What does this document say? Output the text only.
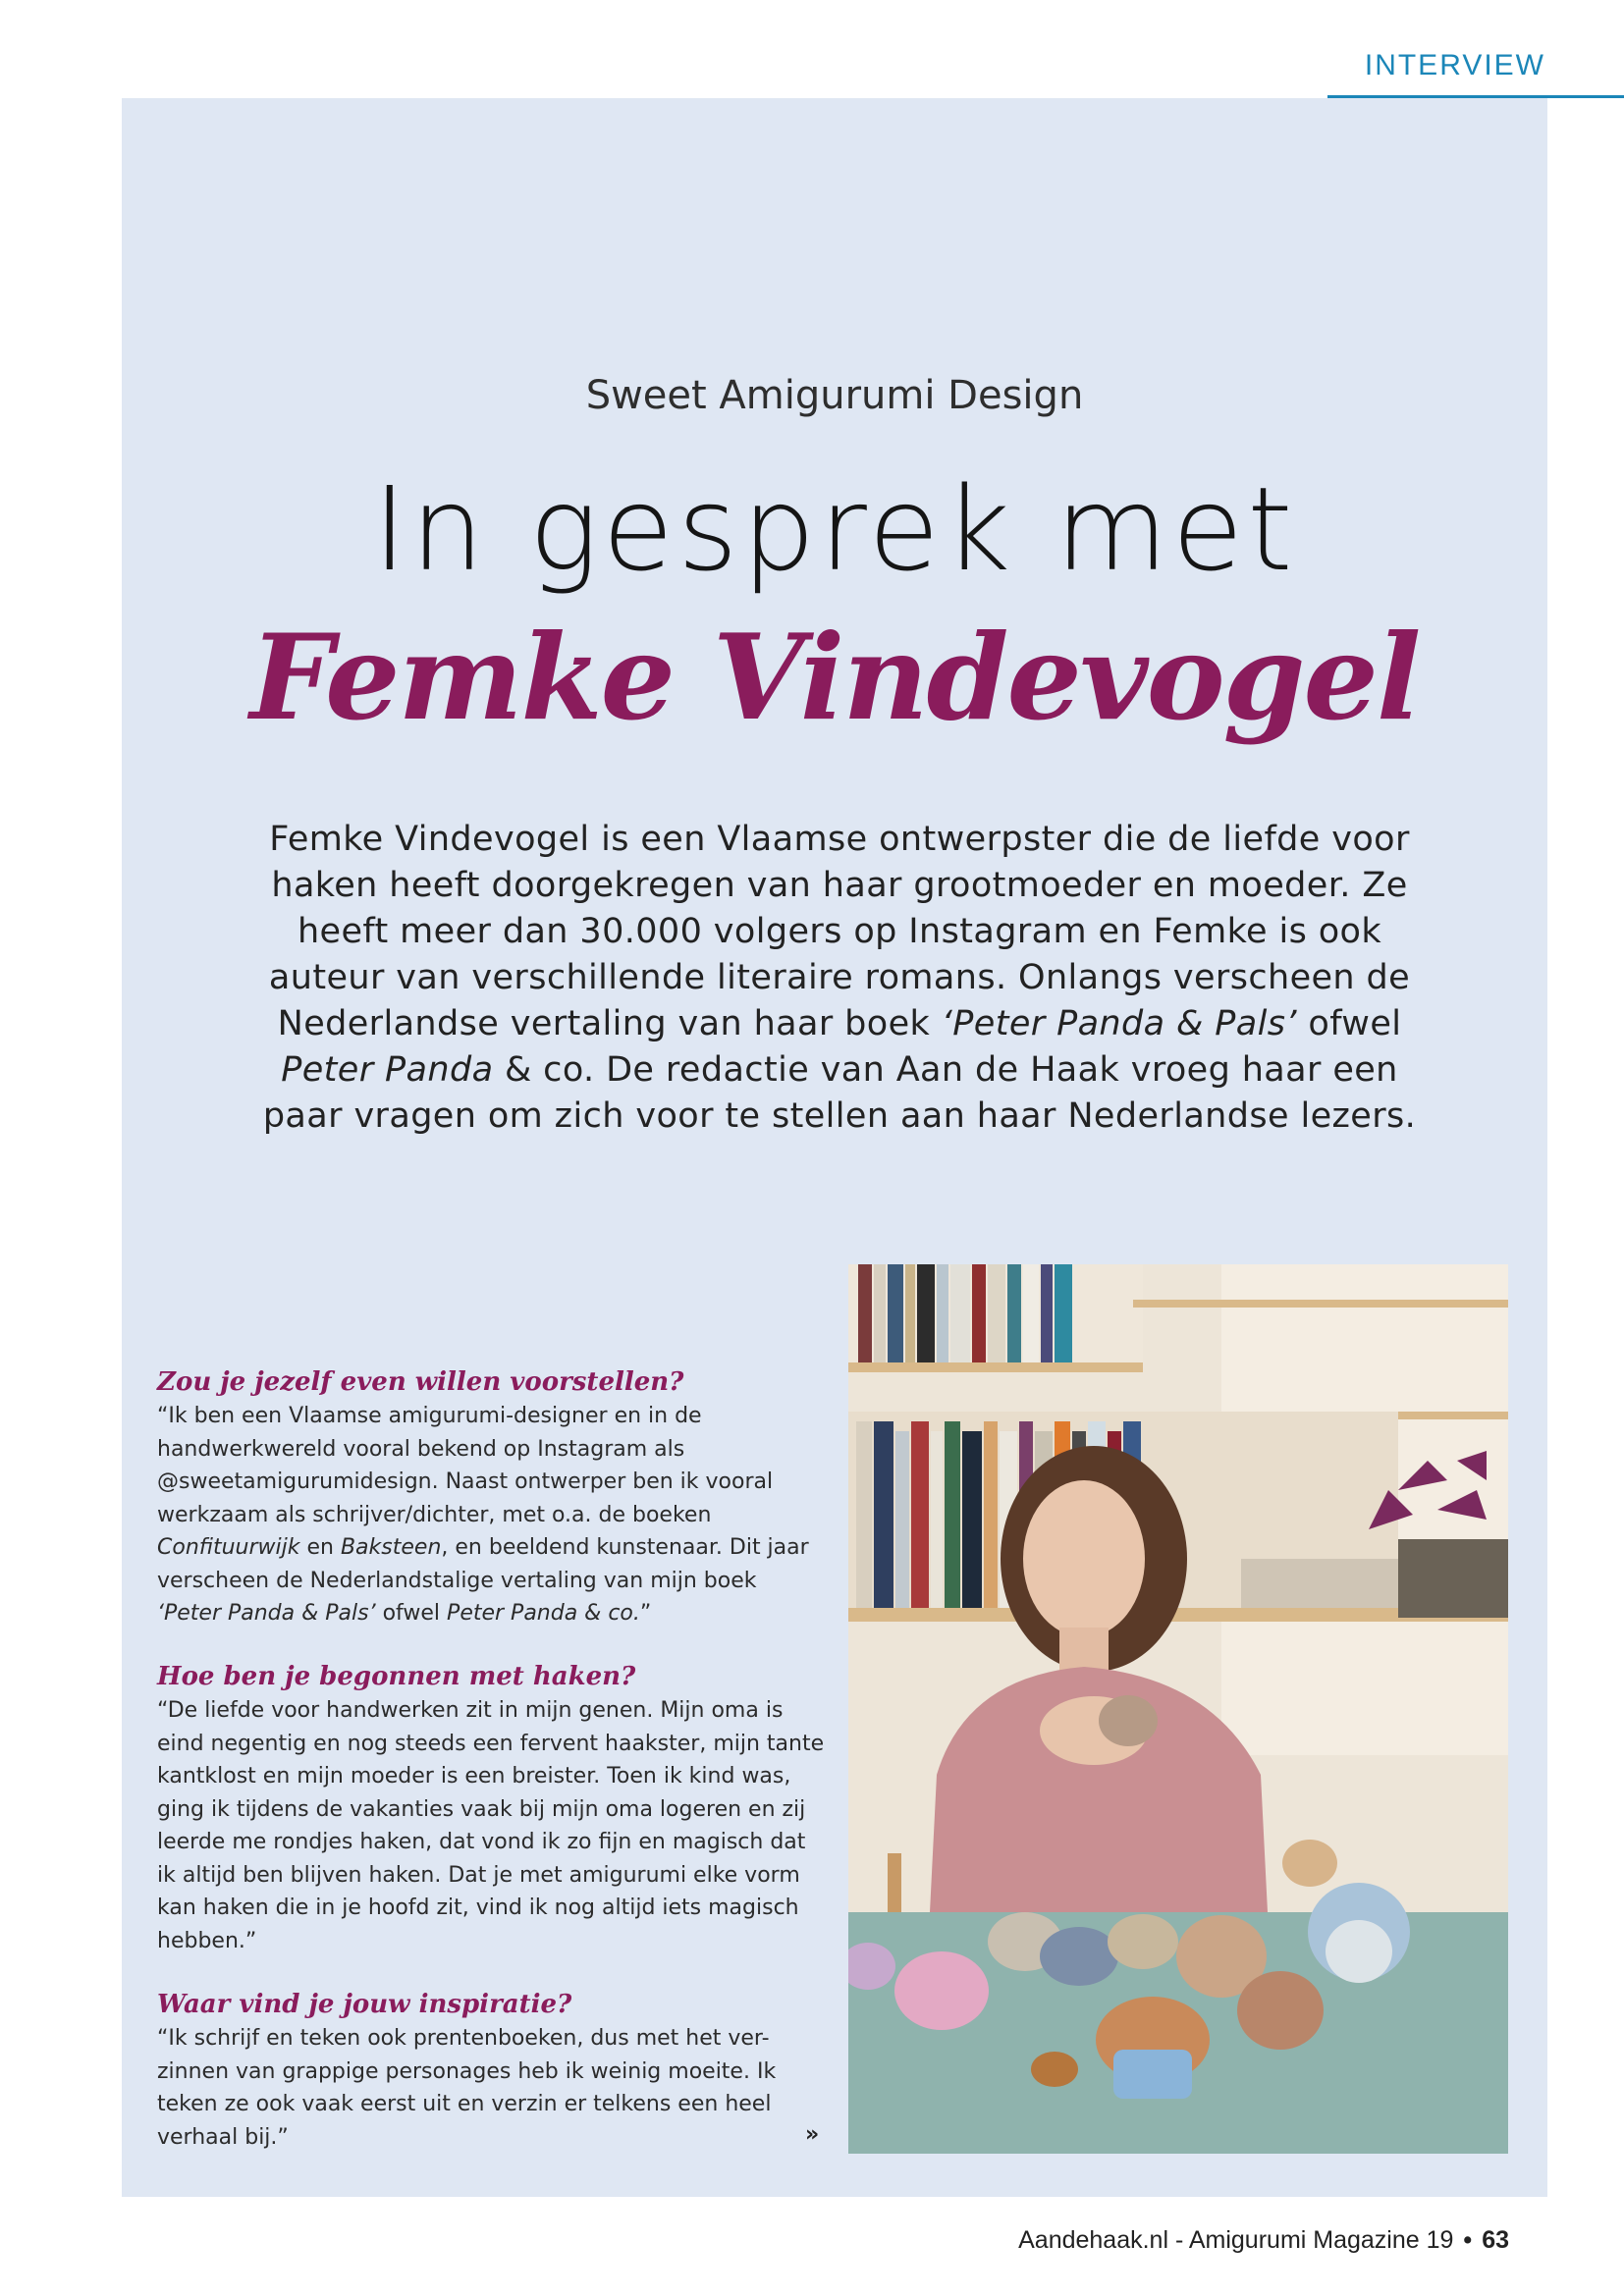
INTERVIEW
Sweet Amigurumi Design
In gesprek met
Femke Vindevogel
Femke Vindevogel is een Vlaamse ontwerpster die de liefde voor haken heeft doorgekregen van haar grootmoeder en moeder. Ze heeft meer dan 30.000 volgers op Instagram en Femke is ook auteur van verschillende literaire romans. Onlangs verscheen de Nederlandse vertaling van haar boek ‘Peter Panda & Pals’ ofwel Peter Panda & co. De redactie van Aan de Haak vroeg haar een paar vragen om zich voor te stellen aan haar Nederlandse lezers.
Zou je jezelf even willen voorstellen?
“Ik ben een Vlaamse amigurumi-designer en in de handwerkwereld vooral bekend op Instagram als @sweetamigurumidesign. Naast ontwerper ben ik vooral werkzaam als schrijver/dichter, met o.a. de boeken Confituurwijk en Baksteen, en beeldend kunstenaar. Dit jaar verscheen de Nederlandstalige vertaling van mijn boek ‘Peter Panda & Pals’ ofwel Peter Panda & co.”
Hoe ben je begonnen met haken?
“De liefde voor handwerken zit in mijn genen. Mijn oma is eind negentig en nog steeds een fervent haakster, mijn tante kantklost en mijn moeder is een breister. Toen ik kind was, ging ik tijdens de vakanties vaak bij mijn oma logeren en zij leerde me rondjes haken, dat vond ik zo fijn en magisch dat ik altijd ben blijven haken. Dat je met amigurumi elke vorm kan haken die in je hoofd zit, vind ik nog altijd iets magisch hebben.”
Waar vind je jouw inspiratie?
“Ik schrijf en teken ook prentenboeken, dus met het ver-zinnen van grappige personages heb ik weinig moeite. Ik teken ze ook vaak eerst uit en verzin er telkens een heel verhaal bij.”	»
Aandehaak.nl - Amigurumi Magazine 19 • 63
